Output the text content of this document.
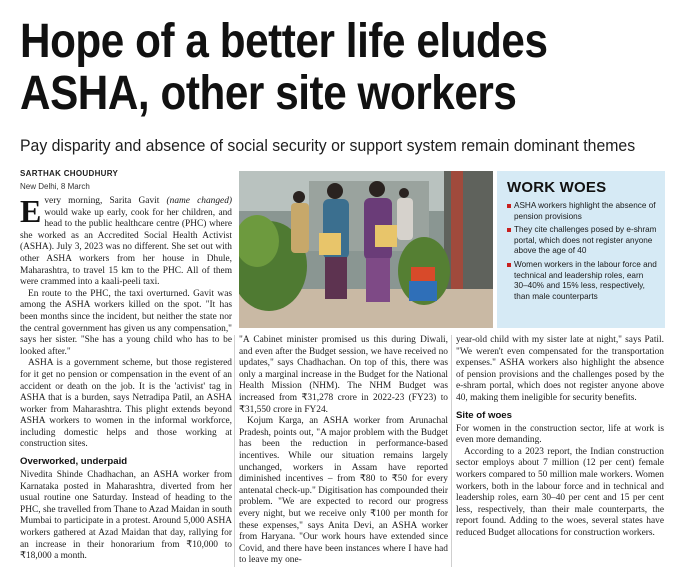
Hope of a better life eludes
ASHA, other site workers

Pay disparity and absence of social security or support system remain dominant themes

SARTHAK CHOUDHURY
New Delhi, 8 March

Every morning, Sarita Gavit (name changed) would wake up early, cook for her children, and head to the public healthcare centre (PHC) where she worked as an Accredited Social Health Activist (ASHA). July 3, 2023 was no different. She set out with other ASHA workers from her house in Dhule, Maharashtra, to travel 15 km to the PHC. All of them were crammed into a kaali-peeli taxi.

En route to the PHC, the taxi overturned. Gavit was among the ASHA workers killed on the spot. "It has been months since the incident, but neither the state nor the central government has given us any compensation," says her sister. "She has a young child who has to be looked after."

ASHA is a government scheme, but those registered for it get no pension or compensation in the event of an accident or death on the job. It is the 'activist' tag in ASHA that is a burden, says Netradipa Patil, an ASHA worker from Maharashtra. This plight extends beyond ASHA workers to women in the informal workforce, including domestic helps and those working at construction sites.

Overworked, underpaid

Nivedita Shinde Chadhachan, an ASHA worker from Karnataka posted in Maharashtra, diverted from her usual routine one Saturday. Instead of heading to the PHC, she travelled from Thane to Azad Maidan in south Mumbai to participate in a protest. Around 5,000 ASHA workers gathered at Azad Maidan that day, rallying for an increase in their honorarium from ₹10,000 to ₹18,000 a month.

WORK WOES
ASHA workers highlight the absence of pension provisions
They cite challenges posed by e-shram portal, which does not register anyone above the age of 40
Women workers in the labour force and technical and leadership roles, earn 30–40% and 15% less, respectively, than male counterparts

"A Cabinet minister promised us this during Diwali, and even after the Budget session, we have received no updates," says Chadhachan. On top of this, there was only a marginal increase in the Budget for the National Health Mission (NHM). The NHM Budget was increased from ₹31,278 crore in 2022-23 (FY23) to ₹31,550 crore in FY24.

Kojum Karga, an ASHA worker from Arunachal Pradesh, points out, "A major problem with the Budget has been the reduction in performance-based incentives. While our situation remains largely unchanged, workers in Assam have reported diminished incentives – from ₹80 to ₹50 for every antenatal check-up." Digitisation has compounded their problem. "We are expected to record our progress every night, but we receive only ₹100 per month for these expenses," says Anita Devi, an ASHA worker from Haryana. "Our work hours have extended since Covid, and there have been instances where I have had to leave my one-

year-old child with my sister late at night," says Patil. "We weren't even compensated for the transportation expenses." ASHA workers also highlight the absence of pension provisions and the challenges posed by the e-shram portal, which does not register anyone above 40, making them ineligible for security benefits.

Site of woes

For women in the construction sector, life at work is even more demanding.

According to a 2023 report, the Indian construction sector employs about 7 million (12 per cent) female workers compared to 50 million male workers. Women workers, both in the labour force and in technical and leadership roles, earn 30–40 per cent and 15 per cent less, respectively, than their male counterparts, the report found. Adding to the woes, several states have reduced Budget allocations for construction workers.
